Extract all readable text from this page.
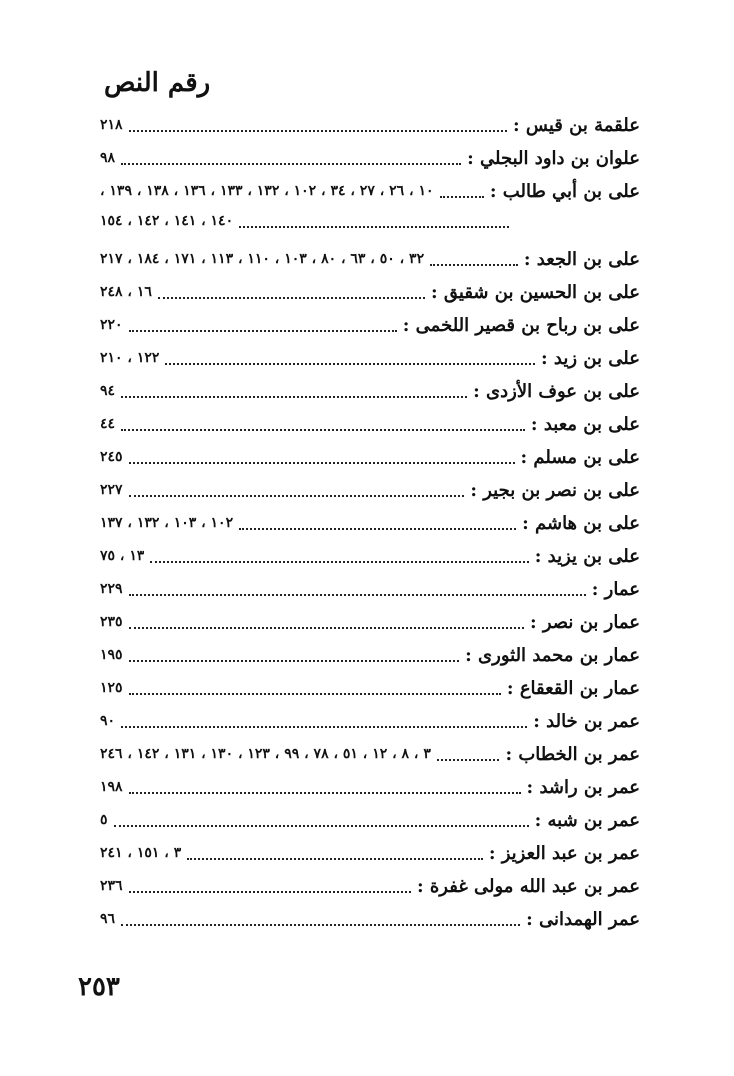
رقم النص
علقمة بن قيس :
٢١٨
علوان بن داود البجلي :
٩٨
على بن أبي طالب :
١٠ ، ٢٦ ، ٢٧ ، ٣٤ ، ١٠٢ ، ١٣٢ ، ١٣٣ ، ١٣٦ ، ١٣٨ ، ١٣٩ ،
١٤٠ ، ١٤١ ، ١٤٢ ، ١٥٤
على بن الجعد :
٣٢ ، ٥٠ ، ٦٣ ، ٨٠ ، ١٠٣ ، ١١٠ ، ١١٣ ، ١٧١ ، ١٨٤ ، ٢١٧
على بن الحسين بن شقيق :
١٦ ، ٢٤٨
على بن رباح بن قصير اللخمى :
٢٢٠
على بن زيد :
١٢٢ ، ٢١٠
على بن عوف الأزدى :
٩٤
على بن معبد :
٤٤
على بن مسلم :
٢٤٥
على بن نصر بن بجير :
٢٢٧
على بن هاشم :
١٠٢ ، ١٠٣ ، ١٣٢ ، ١٣٧
على بن يزيد :
١٣ ، ٧٥
عمار :
٢٢٩
عمار بن نصر :
٢٣٥
عمار بن محمد الثورى :
١٩٥
عمار بن القعقاع :
١٢٥
عمر بن خالد :
٩٠
عمر بن الخطاب :
٣ ، ٨ ، ١٢ ، ٥١ ، ٧٨ ، ٩٩ ، ١٢٣ ، ١٣٠ ، ١٣١ ، ١٤٢ ، ٢٤٦
عمر بن راشد :
١٩٨
عمر بن شبه :
٥
عمر بن عبد العزيز :
٣ ، ١٥١ ، ٢٤١
عمر بن عبد الله مولى غفرة :
٢٣٦
عمر الهمدانى :
٩٦
٢٥٣
